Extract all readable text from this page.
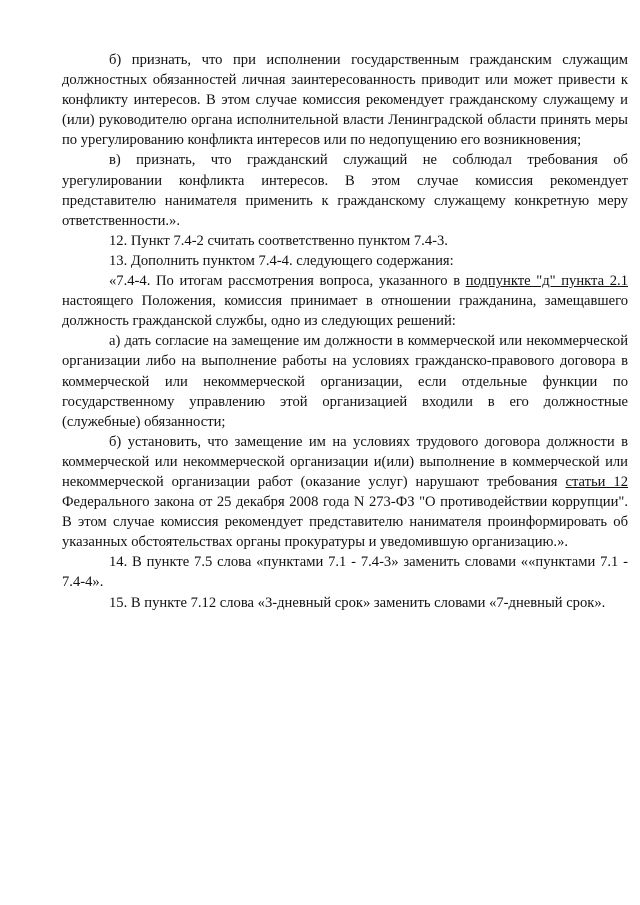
б) признать, что при исполнении государственным гражданским служащим должностных обязанностей личная заинтересованность приводит или может привести к конфликту интересов. В этом случае комиссия рекомендует гражданскому служащему и (или) руководителю органа исполнительной власти Ленинградской области принять меры по урегулированию конфликта интересов или по недопущению его возникновения;

в) признать, что гражданский служащий не соблюдал требования об урегулировании конфликта интересов. В этом случае комиссия рекомендует представителю нанимателя применить к гражданскому служащему конкретную меру ответственности.».

12. Пункт 7.4-2 считать соответственно пунктом 7.4-3.

13. Дополнить пунктом 7.4-4. следующего содержания:

«7.4-4. По итогам рассмотрения вопроса, указанного в подпункте "д" пункта 2.1 настоящего Положения, комиссия принимает в отношении гражданина, замещавшего должность гражданской службы, одно из следующих решений:

а) дать согласие на замещение им должности в коммерческой или некоммерческой организации либо на выполнение работы на условиях гражданско-правового договора в коммерческой или некоммерческой организации, если отдельные функции по государственному управлению этой организацией входили в его должностные (служебные) обязанности;

б) установить, что замещение им на условиях трудового договора должности в коммерческой или некоммерческой организации и(или) выполнение в коммерческой или некоммерческой организации работ (оказание услуг) нарушают требования статьи 12 Федерального закона от 25 декабря 2008 года N 273-ФЗ "О противодействии коррупции". В этом случае комиссия рекомендует представителю нанимателя проинформировать об указанных обстоятельствах органы прокуратуры и уведомившую организацию.».

14. В пункте 7.5 слова «пунктами 7.1 - 7.4-3» заменить словами ««пунктами 7.1 - 7.4-4».

15. В пункте 7.12 слова «3-дневный срок» заменить словами «7-дневный срок».
